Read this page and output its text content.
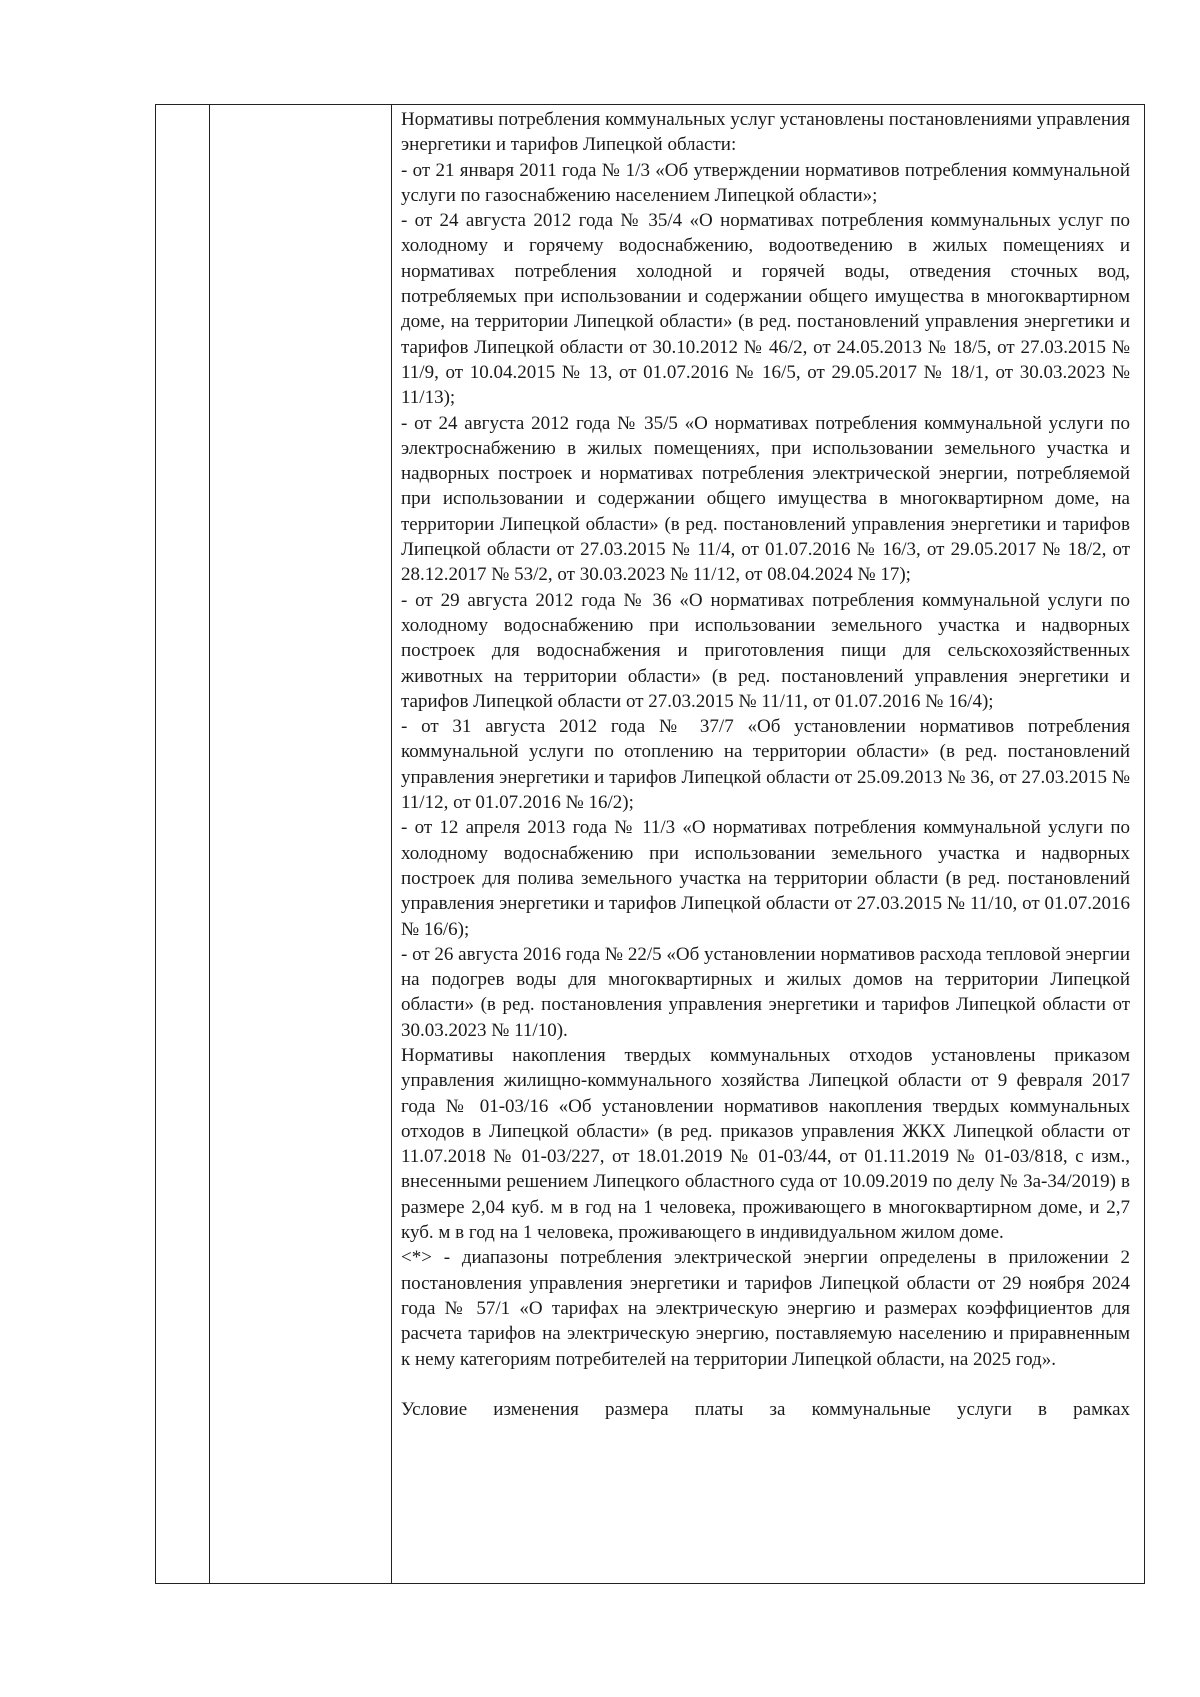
Нормативы потребления коммунальных услуг установлены постановлениями управления энергетики и тарифов Липецкой области:

- от 21 января 2011 года № 1/3 «Об утверждении нормативов потребления коммунальной услуги по газоснабжению населением Липецкой области»;

- от 24 августа 2012 года № 35/4 «О нормативах потребления коммунальных услуг по холодному и горячему водоснабжению, водоотведению в жилых помещениях и нормативах потребления холодной и горячей воды, отведения сточных вод, потребляемых при использовании и содержании общего имущества в многоквартирном доме, на территории Липецкой области» (в ред. постановлений управления энергетики и тарифов Липецкой области от 30.10.2012 № 46/2, от 24.05.2013 № 18/5, от 27.03.2015 № 11/9, от 10.04.2015 № 13, от 01.07.2016 № 16/5, от 29.05.2017 № 18/1, от 30.03.2023 № 11/13);

- от 24 августа 2012 года № 35/5 «О нормативах потребления коммунальной услуги по электроснабжению в жилых помещениях, при использовании земельного участка и надворных построек и нормативах потребления электрической энергии, потребляемой при использовании и содержании общего имущества в многоквартирном доме, на территории Липецкой области» (в ред. постановлений управления энергетики и тарифов Липецкой области от 27.03.2015 № 11/4, от 01.07.2016 № 16/3, от 29.05.2017 № 18/2, от 28.12.2017 № 53/2, от 30.03.2023 № 11/12, от 08.04.2024 № 17);

- от 29 августа 2012 года № 36 «О нормативах потребления коммунальной услуги по холодному водоснабжению при использовании земельного участка и надворных построек для водоснабжения и приготовления пищи для сельскохозяйственных животных на территории области» (в ред. постановлений управления энергетики и тарифов Липецкой области от 27.03.2015 № 11/11, от 01.07.2016 № 16/4);

- от 31 августа 2012 года № 37/7 «Об установлении нормативов потребления коммунальной услуги по отоплению на территории области» (в ред. постановлений управления энергетики и тарифов Липецкой области от 25.09.2013 № 36, от 27.03.2015 № 11/12, от 01.07.2016 № 16/2);

- от 12 апреля 2013 года № 11/3 «О нормативах потребления коммунальной услуги по холодному водоснабжению при использовании земельного участка и надворных построек для полива земельного участка на территории области (в ред. постановлений управления энергетики и тарифов Липецкой области от 27.03.2015 № 11/10, от 01.07.2016 № 16/6);

- от 26 августа 2016 года № 22/5 «Об установлении нормативов расхода тепловой энергии на подогрев воды для многоквартирных и жилых домов на территории Липецкой области» (в ред. постановления управления энергетики и тарифов Липецкой области от 30.03.2023 № 11/10).

Нормативы накопления твердых коммунальных отходов установлены приказом управления жилищно-коммунального хозяйства Липецкой области от 9 февраля 2017 года № 01-03/16 «Об установлении нормативов накопления твердых коммунальных отходов в Липецкой области» (в ред. приказов управления ЖКХ Липецкой области от 11.07.2018 № 01-03/227, от 18.01.2019 № 01-03/44, от 01.11.2019 № 01-03/818, с изм., внесенными решением Липецкого областного суда от 10.09.2019 по делу № 3а-34/2019) в размере 2,04 куб. м в год на 1 человека, проживающего в многоквартирном доме, и 2,7 куб. м в год на 1 человека, проживающего в индивидуальном жилом доме.

<*> - диапазоны потребления электрической энергии определены в приложении 2 постановления управления энергетики и тарифов Липецкой области от 29 ноября 2024 года № 57/1 «О тарифах на электрическую энергию и размерах коэффициентов для расчета тарифов на электрическую энергию, поставляемую населению и приравненным к нему категориям потребителей на территории Липецкой области, на 2025 год».

Условие изменения размера платы за коммунальные услуги в рамках
